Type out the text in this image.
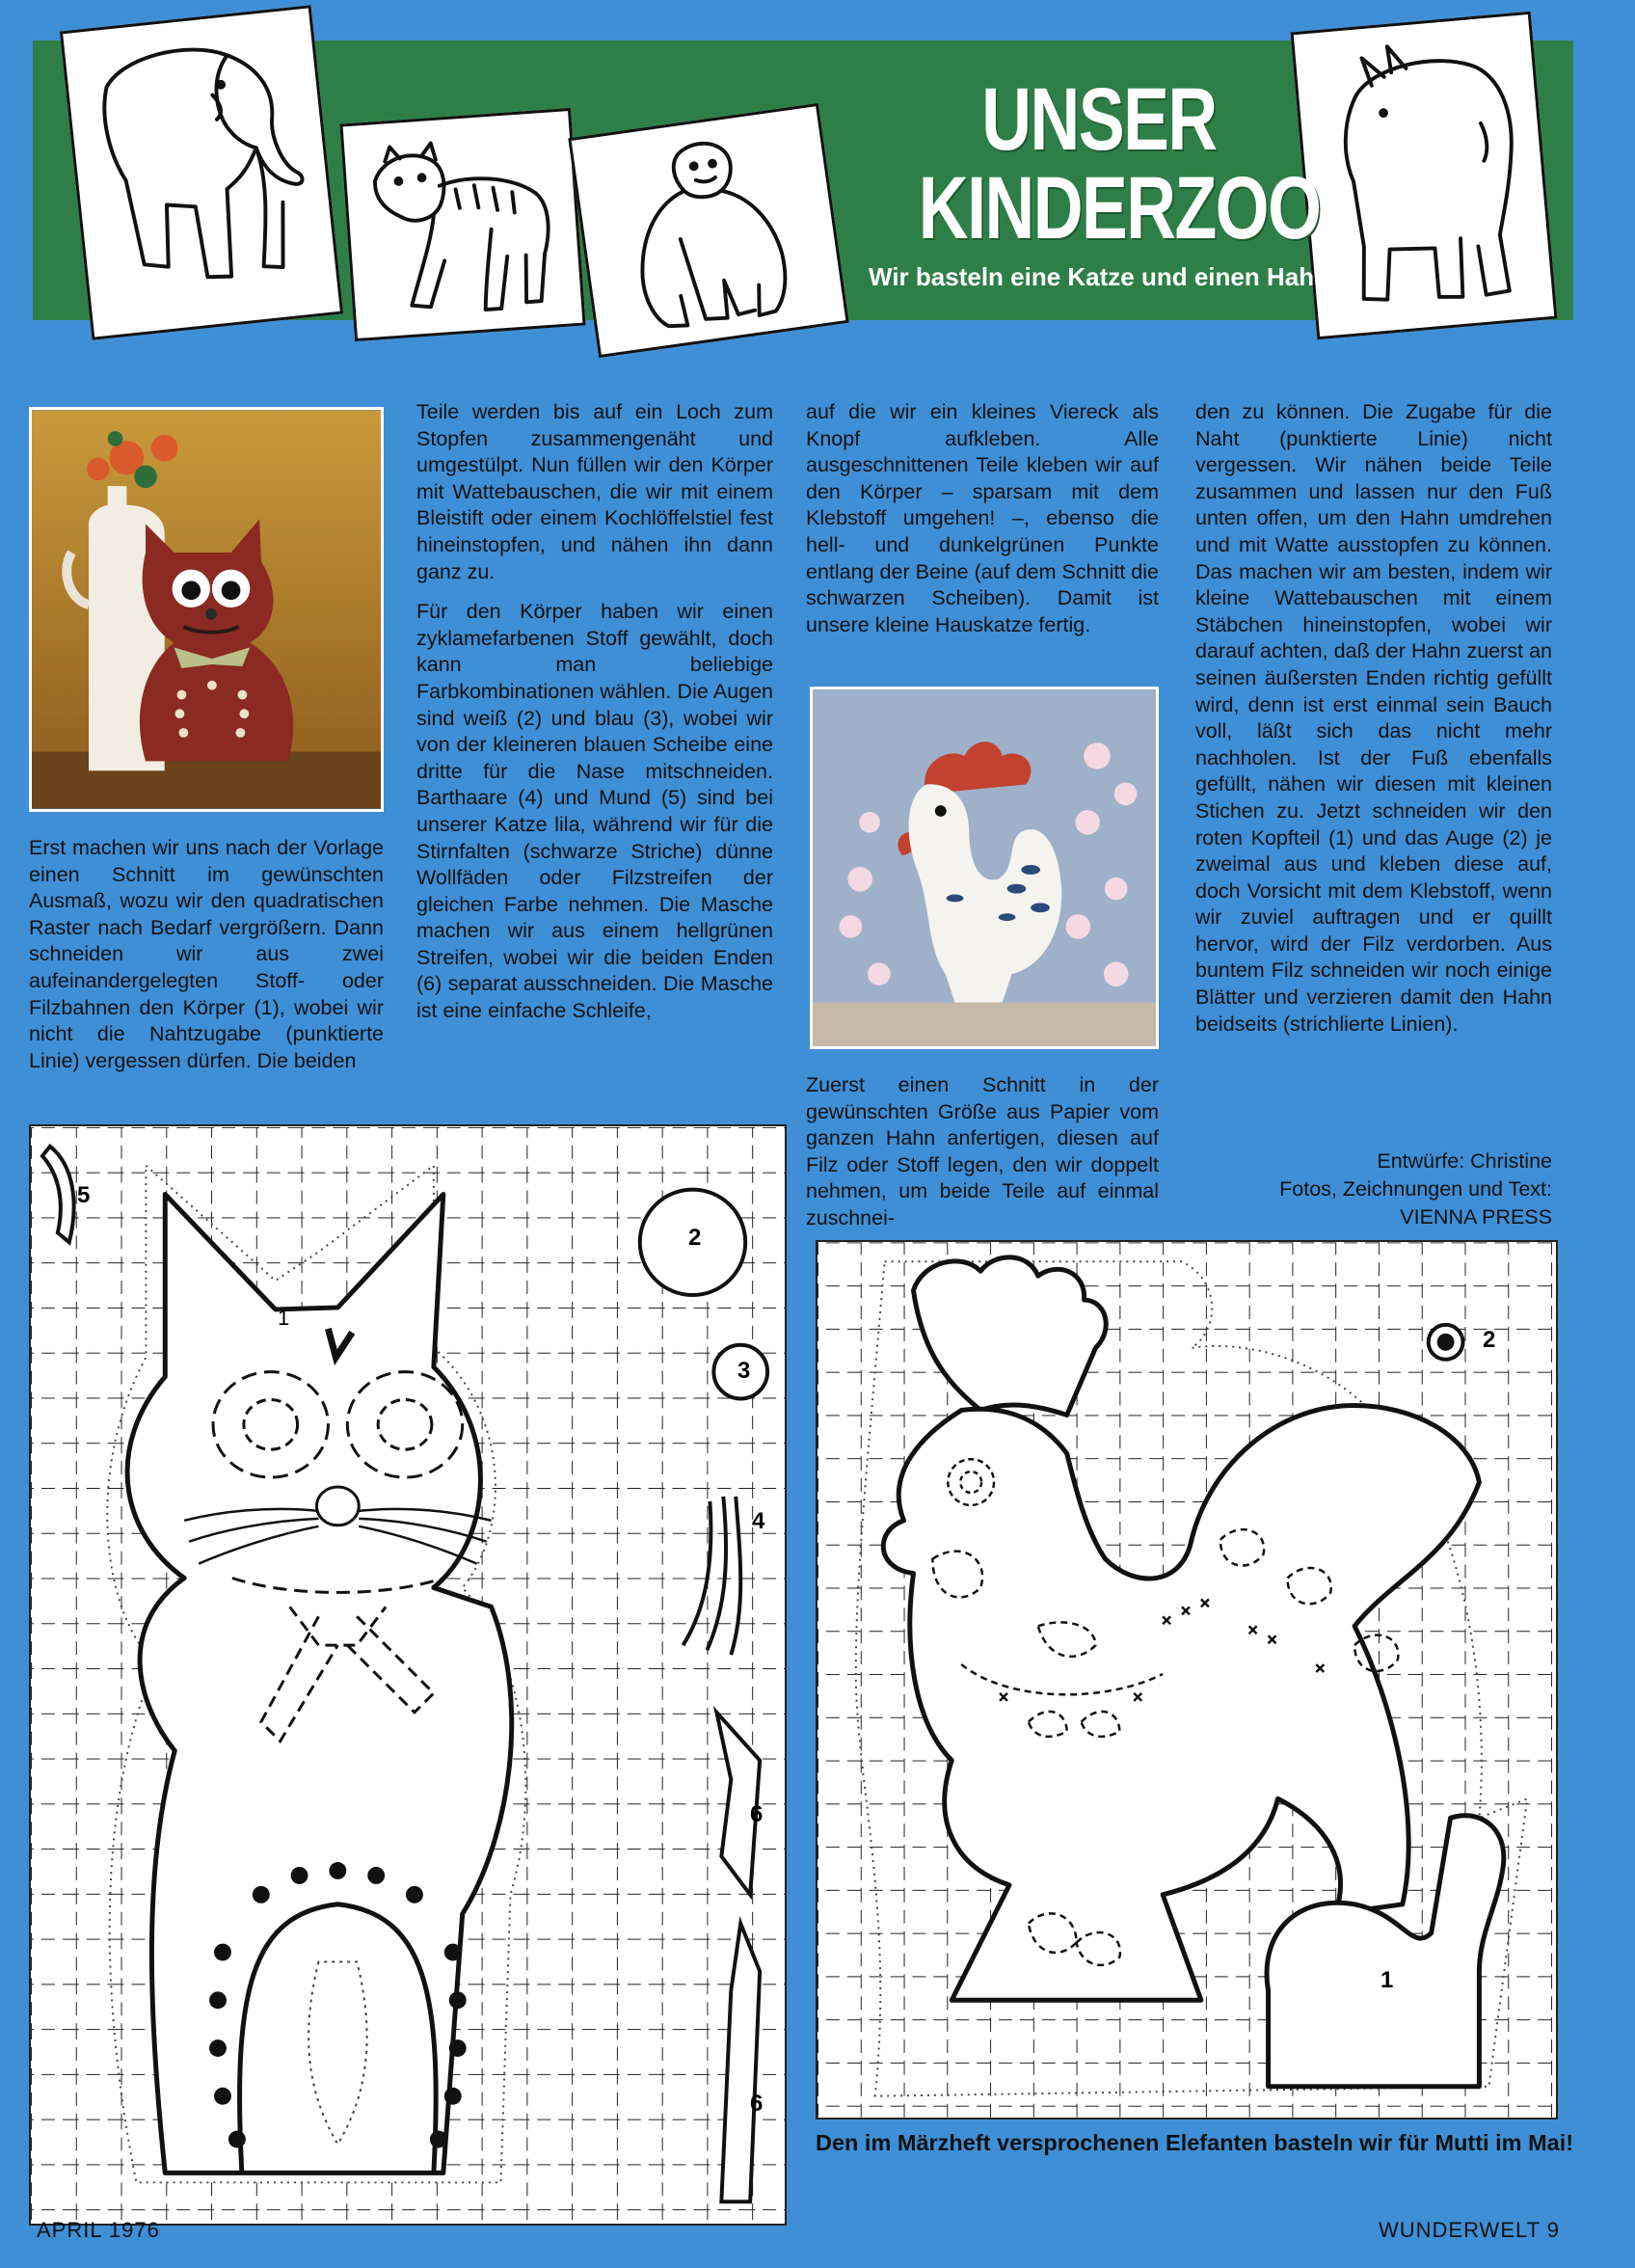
UNSER
KINDERZOO
Wir basteln eine Katze und einen Hahn

Erst machen wir uns nach der Vorlage einen Schnitt im gewünschten Ausmaß, wozu wir den quadratischen Raster nach Bedarf vergrößern. Dann schneiden wir aus zwei aufeinandergelegten Stoff- oder Filzbahnen den Körper (1), wobei wir nicht die Nahtzugabe (punktierte Linie) vergessen dürfen. Die beiden

Teile werden bis auf ein Loch zum Stopfen zusammengenäht und umgestülpt. Nun füllen wir den Körper mit Wattebauschen, die wir mit einem Bleistift oder einem Kochlöffelstiel fest hineinstopfen, und nähen ihn dann ganz zu.

Für den Körper haben wir einen zyklamefarbenen Stoff gewählt, doch kann man beliebige Farbkombinationen wählen. Die Augen sind weiß (2) und blau (3), wobei wir von der kleineren blauen Scheibe eine dritte für die Nase mitschneiden. Barthaare (4) und Mund (5) sind bei unserer Katze lila, während wir für die Stirnfalten (schwarze Striche) dünne Wollfäden oder Filzstreifen der gleichen Farbe nehmen. Die Masche machen wir aus einem hellgrünen Streifen, wobei wir die beiden Enden (6) separat ausschneiden. Die Masche ist eine einfache Schleife,

auf die wir ein kleines Viereck als Knopf aufkleben. Alle ausgeschnittenen Teile kleben wir auf den Körper – sparsam mit dem Klebstoff umgehen! –, ebenso die hell- und dunkelgrünen Punkte entlang der Beine (auf dem Schnitt die schwarzen Scheiben). Damit ist unsere kleine Hauskatze fertig.

Zuerst einen Schnitt in der gewünschten Größe aus Papier vom ganzen Hahn anfertigen, diesen auf Filz oder Stoff legen, den wir doppelt nehmen, um beide Teile auf einmal zuschnei-

den zu können. Die Zugabe für die Naht (punktierte Linie) nicht vergessen. Wir nähen beide Teile zusammen und lassen nur den Fuß unten offen, um den Hahn umdrehen und mit Watte ausstopfen zu können. Das machen wir am besten, indem wir kleine Wattebauschen mit einem Stäbchen hineinstopfen, wobei wir darauf achten, daß der Hahn zuerst an seinen äußersten Enden richtig gefüllt wird, denn ist erst einmal sein Bauch voll, läßt sich das nicht mehr nachholen. Ist der Fuß ebenfalls gefüllt, nähen wir diesen mit kleinen Stichen zu. Jetzt schneiden wir den roten Kopfteil (1) und das Auge (2) je zweimal aus und kleben diese auf, doch Vorsicht mit dem Klebstoff, wenn wir zuviel auftragen und er quillt hervor, wird der Filz verdorben. Aus buntem Filz schneiden wir noch einige Blätter und verzieren damit den Hahn beidseits (strichlierte Linien).

Entwürfe: Christine
Fotos, Zeichnungen und Text:
VIENNA PRESS
1
2
3
4
5
6
6
1
2
Den im Märzheft versprochenen Elefanten basteln wir für Mutti im Mai!
APRIL 1976	WUNDERWELT 9
